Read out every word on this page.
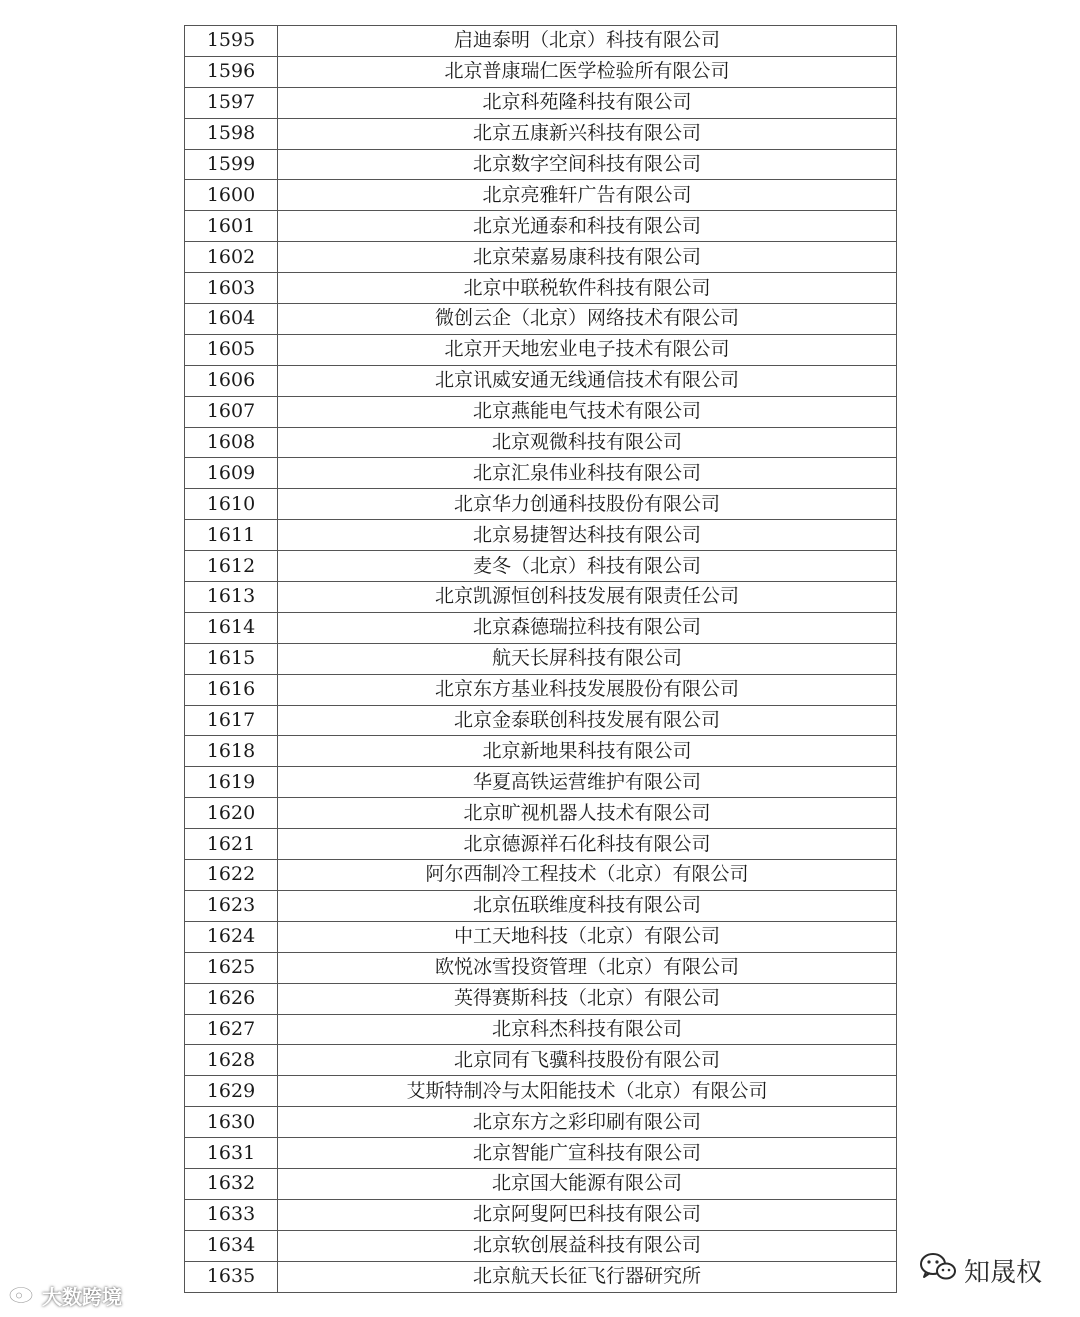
1595	启迪泰明（北京）科技有限公司
1596	北京普康瑞仁医学检验所有限公司
1597	北京科苑隆科技有限公司
1598	北京五康新兴科技有限公司
1599	北京数字空间科技有限公司
1600	北京亮雅轩广告有限公司
1601	北京光通泰和科技有限公司
1602	北京荣嘉易康科技有限公司
1603	北京中联税软件科技有限公司
1604	微创云企（北京）网络技术有限公司
1605	北京开天地宏业电子技术有限公司
1606	北京讯威安通无线通信技术有限公司
1607	北京燕能电气技术有限公司
1608	北京观微科技有限公司
1609	北京汇泉伟业科技有限公司
1610	北京华力创通科技股份有限公司
1611	北京易捷智达科技有限公司
1612	麦冬（北京）科技有限公司
1613	北京凯源恒创科技发展有限责任公司
1614	北京森德瑞拉科技有限公司
1615	航天长屏科技有限公司
1616	北京东方基业科技发展股份有限公司
1617	北京金泰联创科技发展有限公司
1618	北京新地果科技有限公司
1619	华夏高铁运营维护有限公司
1620	北京旷视机器人技术有限公司
1621	北京德源祥石化科技有限公司
1622	阿尔西制冷工程技术（北京）有限公司
1623	北京伍联维度科技有限公司
1624	中工天地科技（北京）有限公司
1625	欧悦冰雪投资管理（北京）有限公司
1626	英得赛斯科技（北京）有限公司
1627	北京科杰科技有限公司
1628	北京同有飞骥科技股份有限公司
1629	艾斯特制冷与太阳能技术（北京）有限公司
1630	北京东方之彩印刷有限公司
1631	北京智能广宣科技有限公司
1632	北京国大能源有限公司
1633	北京阿叟阿巴科技有限公司
1634	北京软创展益科技有限公司
1635	北京航天长征飞行器研究所
大数跨境
知晟权
